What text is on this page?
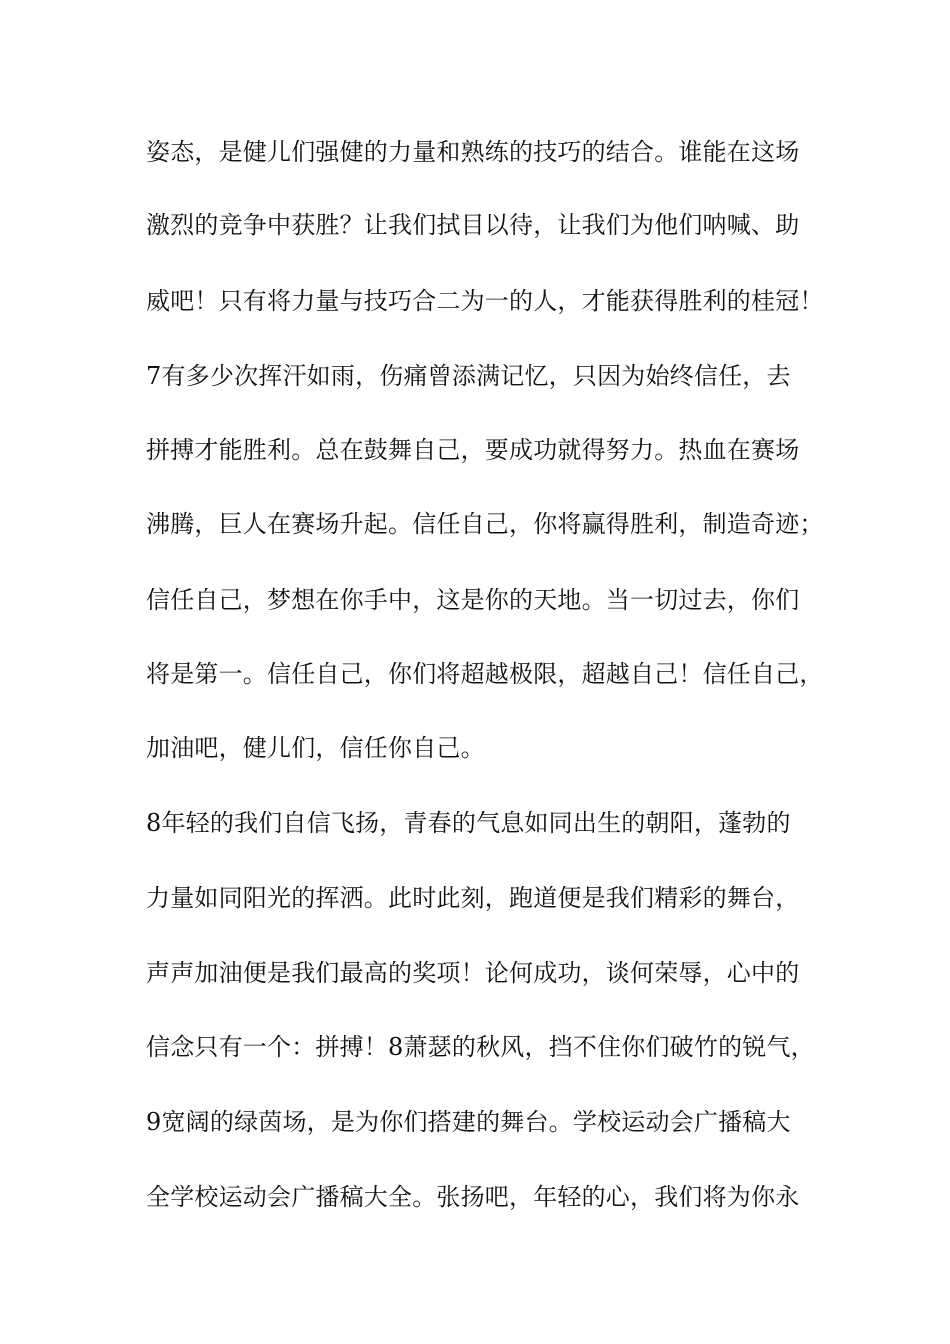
姿态，是健儿们强健的力量和熟练的技巧的结合。谁能在这场
激烈的竞争中获胜？让我们拭目以待，让我们为他们呐喊、助
威吧！只有将力量与技巧合二为一的人，才能获得胜利的桂冠！
7有多少次挥汗如雨，伤痛曾添满记忆，只因为始终信任，去
拼搏才能胜利。总在鼓舞自己，要成功就得努力。热血在赛场
沸腾，巨人在赛场升起。信任自己，你将赢得胜利，制造奇迹；
信任自己，梦想在你手中，这是你的天地。当一切过去，你们
将是第一。信任自己，你们将超越极限，超越自己！信任自己，
加油吧，健儿们，信任你自己。
8年轻的我们自信飞扬，青春的气息如同出生的朝阳，蓬勃的
力量如同阳光的挥洒。此时此刻，跑道便是我们精彩的舞台，
声声加油便是我们最高的奖项！论何成功，谈何荣辱，心中的
信念只有一个：拼搏！8萧瑟的秋风，挡不住你们破竹的锐气，
9宽阔的绿茵场，是为你们搭建的舞台。学校运动会广播稿大
全学校运动会广播稿大全。张扬吧，年轻的心，我们将为你永
